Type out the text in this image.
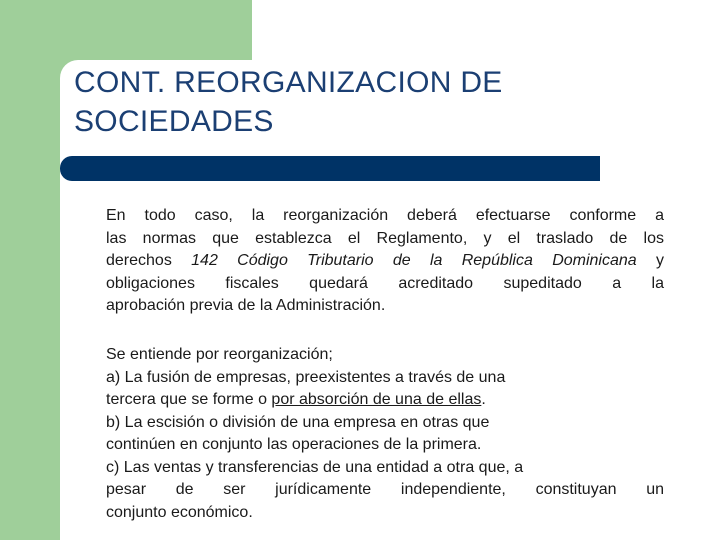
CONT. REORGANIZACION DE
SOCIEDADES
En todo caso, la reorganización deberá efectuarse conforme a
las normas que establezca el Reglamento, y el traslado de los
derechos 142 Código Tributario de la República Dominicana y
obligaciones fiscales quedará acreditado supeditado a la
aprobación previa de la Administración.
Se entiende por reorganización;
a) La fusión de empresas, preexistentes a través de una
tercera que se forme o por absorción de una de ellas.
b) La escisión o división de una empresa en otras que
continúen en conjunto las operaciones de la primera.
c) Las ventas y transferencias de una entidad a otra que, a
pesar de ser jurídicamente independiente, constituyan un
conjunto económico.
